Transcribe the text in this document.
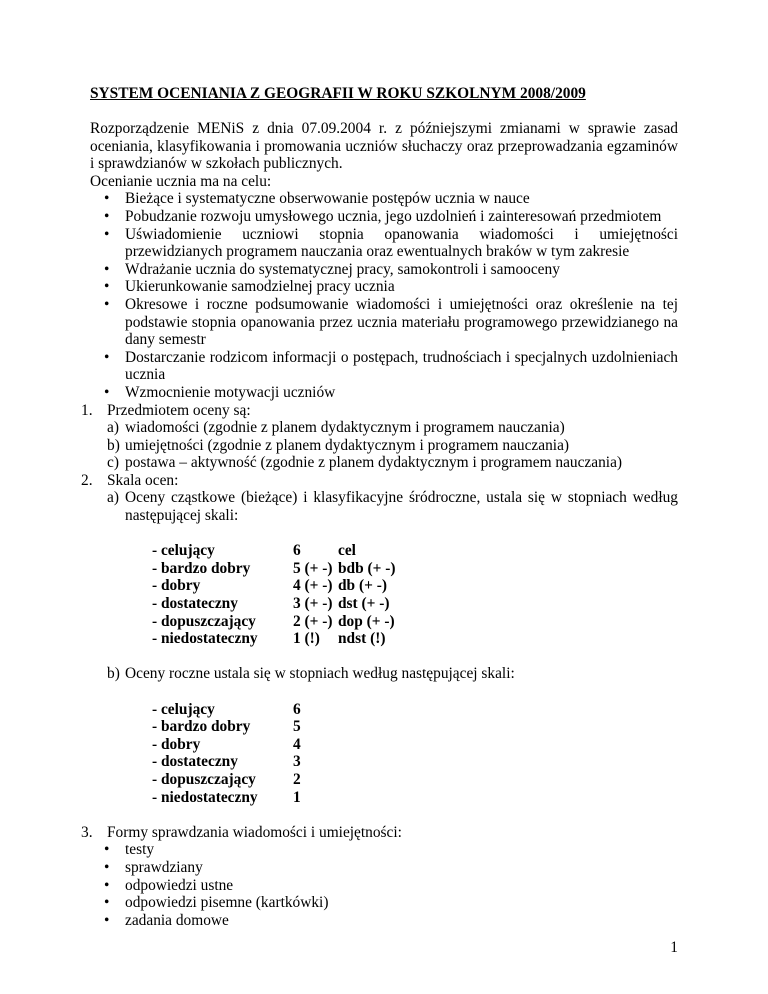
SYSTEM OCENIANIA Z GEOGRAFII W ROKU SZKOLNYM 2008/2009

Rozporządzenie MENiS z dnia 07.09.2004 r. z późniejszymi zmianami w sprawie zasad oceniania, klasyfikowania i promowania uczniów słuchaczy oraz przeprowadzania egzaminów i sprawdzianów w szkołach publicznych.

Ocenianie ucznia ma na celu:

• Bieżące i systematyczne obserwowanie postępów ucznia w nauce
• Pobudzanie rozwoju umysłowego ucznia, jego uzdolnień i zainteresowań przedmiotem
• Uświadomienie uczniowi stopnia opanowania wiadomości i umiejętności przewidzianych programem nauczania oraz ewentualnych braków w tym zakresie
• Wdrażanie ucznia do systematycznej pracy, samokontroli i samooceny
• Ukierunkowanie samodzielnej pracy ucznia
• Okresowe i roczne podsumowanie wiadomości i umiejętności oraz określenie na tej podstawie stopnia opanowania przez ucznia materiału programowego przewidzianego na dany semestr
• Dostarczanie rodzicom informacji o postępach, trudnościach i specjalnych uzdolnieniach ucznia
• Wzmocnienie motywacji uczniów
1. Przedmiotem oceny są:
a) wiadomości (zgodnie z planem dydaktycznym i programem nauczania)
b) umiejętności (zgodnie z planem dydaktycznym i programem nauczania)
c) postawa – aktywność (zgodnie z planem dydaktycznym i programem nauczania)
2. Skala ocen:
a) Oceny cząstkowe (bieżące) i klasyfikacyjne śródroczne, ustala się w stopniach według następującej skali:
- celujący	6	cel
- bardzo dobry	5 (+ -)	bdb (+ -)
- dobry	4 (+ -)	db (+ -)
- dostateczny	3 (+ -)	dst (+ -)
- dopuszczający	2 (+ -)	dop (+ -)
- niedostateczny	1 (!)	ndst (!)
b) Oceny roczne ustala się w stopniach według następującej skali:
- celujący	6
- bardzo dobry	5
- dobry	4
- dostateczny	3
- dopuszczający	2
- niedostateczny	1
3. Formy sprawdzania wiadomości i umiejętności:
• testy
• sprawdziany
• odpowiedzi ustne
• odpowiedzi pisemne (kartkówki)
• zadania domowe
1
